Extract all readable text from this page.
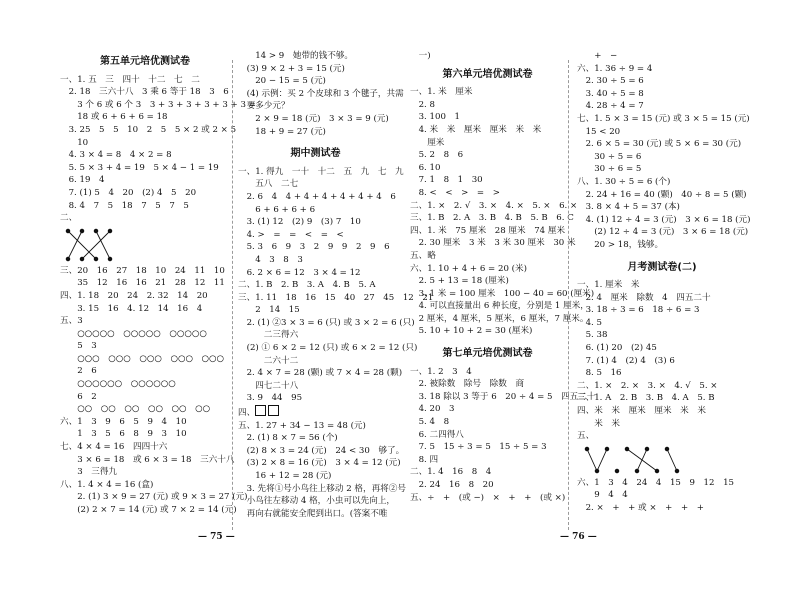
第五单元培优测试卷
一、1. 五　三　四十　十二　七　二
　2. 18　三六十八　3 乘 6 等于 18　3　6
　　3 个 6 或 6 个 3　3 + 3 + 3 + 3 + 3 + 3 =
　　18 或 6 + 6 + 6 = 18
　3. 25　5　5　10　2　5　5 × 2 或 2 × 5
　　10
　4. 3 × 4 = 8　4 × 2 = 8
　5. 5 × 3 + 4 = 19　5 × 4 − 1 = 19
　6. 19　4
　7. (1) 5　4　20　(2) 4　5　20
　8. 4　7　5　18　7　5　7　5
二、
三、20　16　27　18　10　24　11　10
　　35　12　16　16　21　28　12　11
四、1. 18　20　24　2. 32　14　20
　　3. 15　16　4. 12　14　16　4
五、3
　　○○○○○　○○○○○　○○○○○
　　5　3
　　○○○　○○○　○○○　○○○　○○○
　　2　6
　　○○○○○○　○○○○○○
　　6　2
　　○○　○○　○○　○○　○○　○○
六、1　3　9　6　5　9　4　10
　　1　3　5　6　8　9　3　10
七、4 × 4 = 16　四四十六
　　3 × 6 = 18　或 6 × 3 = 18　三六十八
　　3　三得九
八、1. 4 × 4 = 16 (盒)
　　2. (1) 3 × 9 = 27 (元) 或 9 × 3 = 27 (元)
　　(2) 2 × 7 = 14 (元) 或 7 × 2 = 14 (元)
　　14 > 9　她带的钱不够。
　(3) 9 × 2 + 3 = 15 (元)
　　20 − 15 = 5 (元)
　(4) 示例：买 2 个皮球和 3 个毽子，共需
　要多少元？
　　2 × 9 = 18 (元)　3 × 3 = 9 (元)
　　18 + 9 = 27 (元)
期中测试卷
一、1. 得九　一十　十二　五　九　七　九
　　五八　二七
　2. 6　4　4 + 4 + 4 + 4 + 4 + 4　6
　　6 + 6 + 6 + 6
　3. (1) 12　(2) 9　(3) 7　10
　4. >　=　=　<　=　<
　5. 3　6　9　3　2　9　9　2　9　6
　　4　3　8　3
　6. 2 × 6 = 12　3 × 4 = 12
二、1. B　2. B　3. A　4. B　5. A
三、1. 11　18　16　15　40　27　45　12　21
　　2　14　15
　2. (1) ②3 × 3 = 6 (只) 或 3 × 2 = 6 (只)
　　　二三得六
　(2) ① 6 × 2 = 12 (只) 或 6 × 2 = 12 (只)
　　　二六十二
　2. 4 × 7 = 28 (颗) 或 7 × 4 = 28 (颗)
　　四七二十八
　3. 9　44　95
四、
五、1. 27 + 34 − 13 = 48 (元)
　2. (1) 8 × 7 = 56 (个)
　(2) 8 × 3 = 24 (元)　24 < 30　够了。
　(3) 2 × 8 = 16 (元)　3 × 4 = 12 (元)
　　16 + 12 = 28 (元)
　3. 先将①号小鸟往上移动 2 格，再将②号
　小鸟往左移动 4 格，小虫可以先向上，
　再向右就能安全爬到出口。(答案不唯
　一)
第六单元培优测试卷
一、1. 米　厘米
　2. 8
　3. 100　1
　4. 米　米　厘米　厘米　米　米
　　厘米
　5. 2　8　6
　6. 10
　7. 1　8　1　30
　8. <　<　>　=　>
二、1. ×　2. √　3. ×　4. ×　5. ×　6. ×
三、1. B　2. A　3. B　4. B　5. B　6. C
四、1. 米　75 厘米　28 厘米　74 厘米
　2. 30 厘米　3 米　3 米 30 厘米　30 米
五、略
六、1. 10 + 4 + 6 = 20 (米)
　2. 5 + 13 = 18 (厘米)
　3. 1 米 = 100 厘米　100 − 40 = 60 (厘米)
　4. 可以直接量出 6 种长度，分别是 1 厘米，
　2 厘米，4 厘米，5 厘米，6 厘米，7 厘米。
　5. 10 + 10 + 2 = 30 (厘米)
第七单元培优测试卷
一、1. 2　3　4
　2. 被除数　除号　除数　商
　3. 18 除以 3 等于 6　20 ÷ 4 = 5　四五二十
　4. 20　3
　5. 4　8
　6. 二四得八
　7. 5　15 ÷ 3 = 5　15 ÷ 5 = 3
　8. 四
二、1. 4　16　8　4
　2. 24　16　8　20
五、÷　+　(或 −)　×　+　+　(或 ×)
　　+　−
六、1. 36 ÷ 9 = 4
　2. 30 ÷ 5 = 6
　3. 40 ÷ 5 = 8
　4. 28 ÷ 4 = 7
七、1. 5 × 3 = 15 (元) 或 3 × 5 = 15 (元)
　15 < 20
　2. 6 × 5 = 30 (元) 或 5 × 6 = 30 (元)
　　30 ÷ 5 = 6
　　30 ÷ 6 = 5
八、1. 30 ÷ 5 = 6 (个)
　2. 24 + 16 = 40 (颗)　40 ÷ 8 = 5 (颗)
　3. 8 × 4 + 5 = 37 (本)
　4. (1) 12 ÷ 4 = 3 (元)　3 × 6 = 18 (元)
　　(2) 12 ÷ 4 = 3 (元)　3 × 6 = 18 (元)
　　20 > 18，钱够。
月考测试卷(二)
一、1. 厘米　米
　2. 4　厘米　除数　4　四五二十
　3. 18 ÷ 3 = 6　18 ÷ 6 = 3
　4. 5
　5. 38
　6. (1) 20　(2) 45
　7. (1) 4　(2) 4　(3) 6
　8. 5　16
二、1. ×　2. ×　3. ×　4. √　5. ×
三、1. A　2. B　3. B　4. A　5. B
四、米　米　厘米　厘米　米　米
　　米　米
五、
六、1　3　4　24　4　15　9　12　15
　　9　4　4
　2. ×　+　+ 或 ×　+　+　+
— 75 —	— 76 —
